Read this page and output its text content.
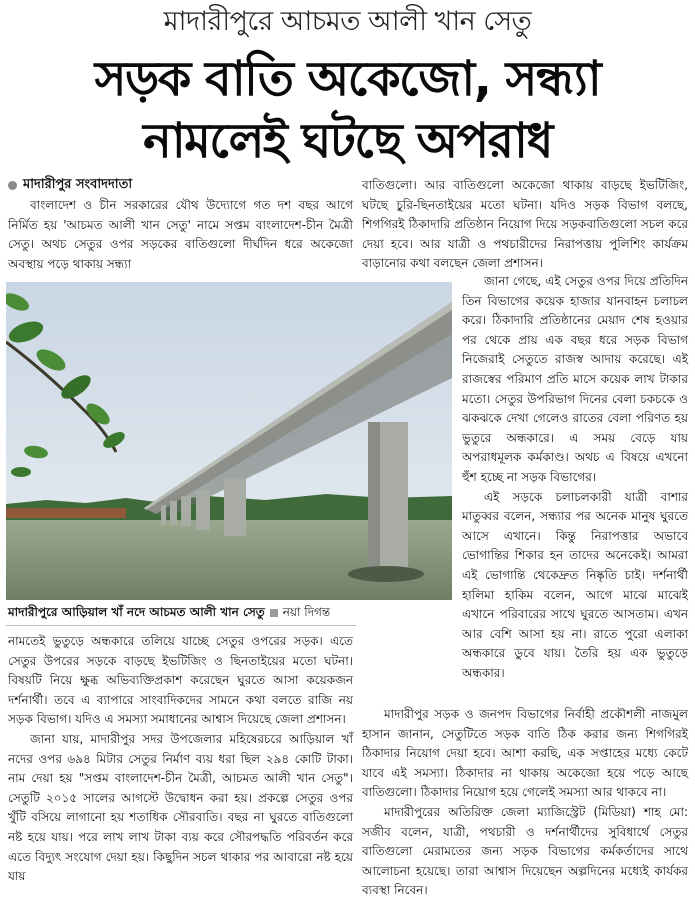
মাদারীপুরে আচমত আলী খান সেতু
সড়ক বাতি অকেজো, সন্ধ্যা
নামলেই ঘটছে অপরাধ
মাদারীপুর সংবাদদাতা

বাংলাদেশ ও চীন সরকারের যৌথ উদ্যোগে গত দশ বছর আগে নির্মিত হয় 'আচমত আলী খান সেতু' নামে সপ্তম বাংলাদেশ-চীন মৈত্রী সেতু। অথচ সেতুর ওপর সড়কের বাতিগুলো দীর্ঘদিন ধরে অকেজো অবস্থায় পড়ে থাকায় সন্ধ্যা

বাতিগুলো। আর বাতিগুলো অকেজো থাকায় বাড়ছে ইভটিজিং, ঘটছে চুরি-ছিনতাইয়ের মতো ঘটনা। যদিও সড়ক বিভাগ বলছে, শিগগিরই ঠিকাদারি প্রতিষ্ঠান নিয়োগ দিয়ে সড়কবাতিগুলো সচল করে দেয়া হবে। আর যাত্রী ও পথচারীদের নিরাপত্তায় পুলিশিং কার্যক্রম বাড়ানোর কথা বলছেন জেলা প্রশাসন।

জানা গেছে, এই সেতুর ওপর দিয়ে প্রতিদিন তিন বিভাগের কয়েক হাজার যানবাহন চলাচল করে। ঠিকাদারি প্রতিষ্ঠানের মেয়াদ শেষ হওয়ার পর থেকে প্রায় এক বছর ধরে সড়ক বিভাগ নিজেরাই সেতুতে রাজস্ব আদায় করেছে। এই রাজস্বের পরিমাণ প্রতি মাসে কয়েক লাখ টাকার মতো। সেতুর উপরিভাগ দিনের বেলা চকচকে ও ঝকঝকে দেখা গেলেও রাতের বেলা পরিণত হয় ভুতুরে অন্ধকারে। এ সময় বেড়ে যায় অপরাধমূলক কর্মকাণ্ড। অথচ এ বিষয়ে এখনো হুঁশ হচ্ছে না সড়ক বিভাগের।

এই সড়কে চলাচলকারী যাত্রী বাশার মাতুব্বর বলেন, সন্ধ্যার পর অনেক মানুষ ঘুরতে আসে এখানে। কিন্তু নিরাপত্তার অভাবে ভোগান্তির শিকার হন তাদের অনেকেই। আমরা এই ভোগান্তি থেকেদ্রুত নিষ্কৃতি চাই। দর্শনার্থী হালিমা হাকিম বলেন, আগে মাঝে মাঝেই এখানে পরিবারের সাথে ঘুরতে আসতাম। এখন আর বেশি আসা হয় না। রাতে পুরো এলাকা অন্ধকারে ডুবে যায়। তৈরি হয় এক ভুতুড়ে অন্ধকার।

মাদারীপুর সড়ক ও জনপদ বিভাগের নির্বাহী প্রকৌশলী নাজমুল হাসান জানান, সেতুটিতে সড়ক বাতি ঠিক করার জন্য শিগগিরই ঠিকাদার নিয়োগ দেয়া হবে। আশা করছি, এক সপ্তাহের মধ্যে কেটে যাবে এই সমস্যা। ঠিকাদার না থাকায় অকেজো হয়ে পড়ে আছে বাতিগুলো। ঠিকাদার নিয়োগ হয়ে গেলেই সমস্যা আর থাকবে না।

মাদারীপুরের অতিরিক্ত জেলা ম্যাজিস্ট্রেট (মিডিয়া) শাহ মো: সজীব বলেন, যাত্রী, পথচারী ও দর্শনার্থীদের সুবিধার্থে সেতুর বাতিগুলো মেরামতের জন্য সড়ক বিভাগের কর্মকর্তাদের সাথে আলোচনা হয়েছে। তারা আশ্বাস দিয়েছেন অল্পদিনের মধ্যেই কার্যকর ব্যবস্থা নিবেন।

মাদারীপুরে আড়িয়াল খাঁ নদে আচমত আলী খান সেতু নয়া দিগন্ত

নামতেই ভুতুড়ে অন্ধকারে তলিয়ে যাচ্ছে সেতুর ওপরের সড়ক। এতে সেতুর উপরের সড়কে বাড়ছে ইভটিজিং ও ছিনতাইয়ের মতো ঘটনা। বিষয়টি নিয়ে ক্ষুব্ধ অভিব্যক্তিপ্রকাশ করেছেন ঘুরতে আসা কয়েকজন দর্শনার্থী। তবে এ ব্যাপারে সাংবাদিকদের সামনে কথা বলতে রাজি নয় সড়ক বিভাগ। যদিও এ সমস্যা সমাধানের আশ্বাস দিয়েছে জেলা প্রশাসন।

জানা যায়, মাদারীপুর সদর উপজেলার মহিষেরচরে আড়িয়াল খাঁ নদের ওপর ৬৯৪ মিটার সেতুর নির্মাণ ব্যয় ধরা ছিল ২৯৪ কোটি টাকা। নাম দেয়া হয় "সপ্তম বাংলাদেশ-চীন মৈত্রী, আচমত আলী খান সেতু"। সেতুটি ২০১৫ সালের আগস্টে উদ্বোধন করা হয়। প্রকল্পে সেতুর ওপর খুঁটি বসিয়ে লাগানো হয় শতাধিক সৌরবাতি। বছর না ঘুরতে বাতিগুলো নষ্ট হয়ে যায়। পরে লাখ লাখ টাকা ব্যয় করে সৌরপদ্ধতি পরিবর্তন করে এতে বিদ্যুৎ সংযোগ দেয়া হয়। কিছুদিন সচল থাকার পর আবারো নষ্ট হয়ে যায়
